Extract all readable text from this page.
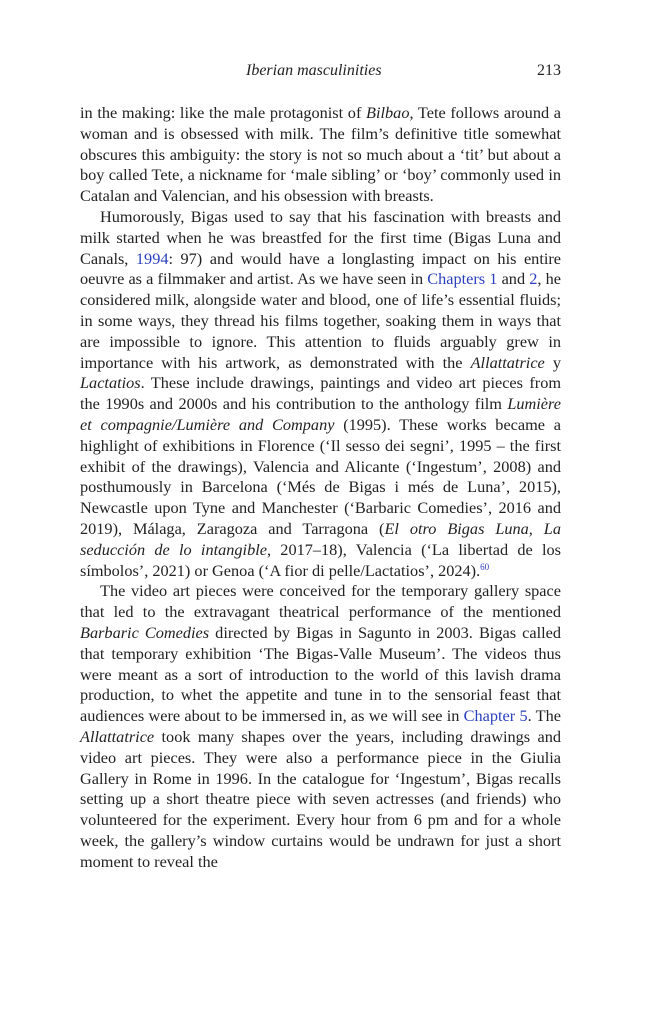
Iberian masculinities	213

in the making: like the male protagonist of Bilbao, Tete follows around a woman and is obsessed with milk. The film’s definitive title somewhat obscures this ambiguity: the story is not so much about a ‘tit’ but about a boy called Tete, a nickname for ‘male sibling’ or ‘boy’ commonly used in Catalan and Valencian, and his obsession with breasts.

Humorously, Bigas used to say that his fascination with breasts and milk started when he was breastfed for the first time (Bigas Luna and Canals, 1994: 97) and would have a longlasting impact on his entire oeuvre as a filmmaker and artist. As we have seen in Chapters 1 and 2, he considered milk, alongside water and blood, one of life’s essential fluids; in some ways, they thread his films together, soaking them in ways that are impossible to ignore. This attention to fluids arguably grew in importance with his artwork, as demonstrated with the Allattatrice y Lactatios. These include drawings, paintings and video art pieces from the 1990s and 2000s and his contribution to the anthology film Lumière et compagnie/​Lumière and Company (1995). These works became a highlight of exhibitions in Florence (‘Il sesso dei segni’, 1995 – the first exhibit of the drawings), Valencia and Alicante (‘Ingestum’, 2008) and posthumously in Barcelona (‘Més de Bigas i més de Luna’, 2015), Newcastle upon Tyne and Manchester (‘Barbaric Comedies’, 2016 and 2019), Málaga, Zaragoza and Tarragona (El otro Bigas Luna, La seducción de lo intangible, 2017–18), Valencia (‘La libertad de los símbolos’, 2021) or Genoa (‘A fior di pelle/Lactatios’, 2024).$^{60}$

The video art pieces were conceived for the temporary gallery space that led to the extravagant theatrical performance of the mentioned Barbaric Comedies directed by Bigas in Sagunto in 2003. Bigas called that temporary exhibition ‘The Bigas-Valle Museum’. The videos thus were meant as a sort of introduction to the world of this lavish drama production, to whet the appetite and tune in to the sensorial feast that audiences were about to be immersed in, as we will see in Chapter 5. The Allattatrice took many shapes over the years, including drawings and video art pieces. They were also a performance piece in the Giulia Gallery in Rome in 1996. In the catalogue for ‘Ingestum’, Bigas recalls setting up a short theatre piece with seven actresses (and friends) who volunteered for the experiment. Every hour from 6 pm and for a whole week, the gallery’s window curtains would be undrawn for just a short moment to reveal the
